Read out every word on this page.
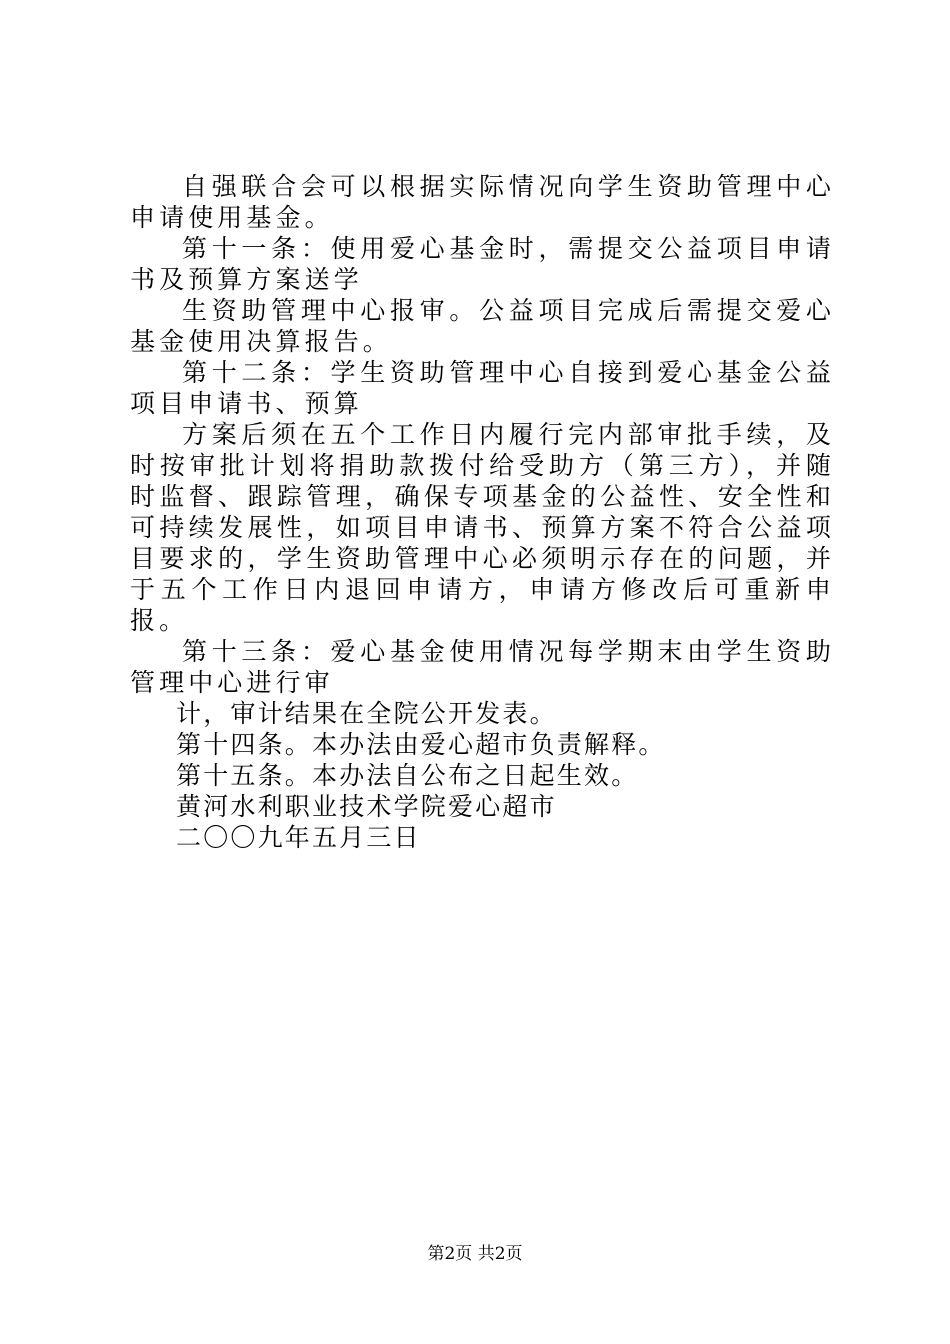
自强联合会可以根据实际情况向学生资助管理中心申请使用基金。

第十一条：使用爱心基金时，需提交公益项目申请书及预算方案送学

生资助管理中心报审。公益项目完成后需提交爱心基金使用决算报告。

第十二条：学生资助管理中心自接到爱心基金公益项目申请书、预算

方案后须在五个工作日内履行完内部审批手续，及时按审批计划将捐助款拨付给受助方（第三方），并随时监督、跟踪管理，确保专项基金的公益性、安全性和可持续发展性，如项目申请书、预算方案不符合公益项目要求的，学生资助管理中心必须明示存在的问题，并于五个工作日内退回申请方，申请方修改后可重新申报。

第十三条：爱心基金使用情况每学期末由学生资助管理中心进行审

计，审计结果在全院公开发表。

第十四条。本办法由爱心超市负责解释。

第十五条。本办法自公布之日起生效。

黄河水利职业技术学院爱心超市

二〇〇九年五月三日

第2页 共2页
